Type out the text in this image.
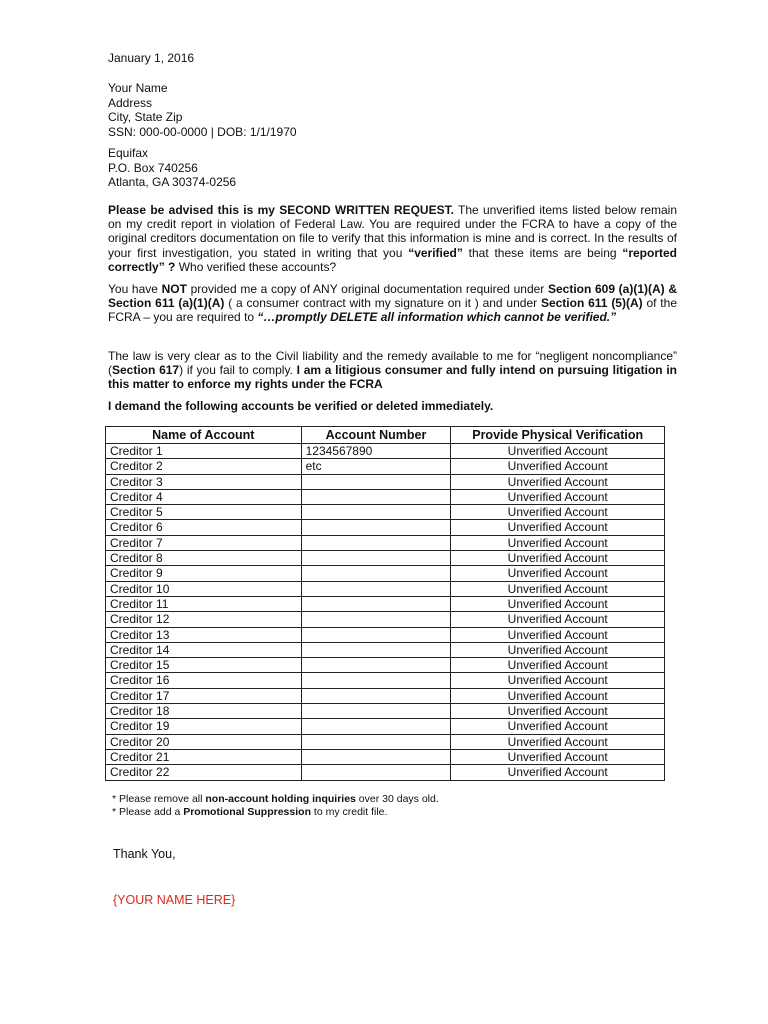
January 1, 2016
Your Name
Address
City, State Zip
SSN: 000-00-0000 | DOB: 1/1/1970
Equifax
P.O. Box 740256
Atlanta, GA 30374-0256
Please be advised this is my SECOND WRITTEN REQUEST. The unverified items listed below remain on my credit report in violation of Federal Law. You are required under the FCRA to have a copy of the original creditors documentation on file to verify that this information is mine and is correct. In the results of your first investigation, you stated in writing that you “verified” that these items are being “reported correctly” ? Who verified these accounts?
You have NOT provided me a copy of ANY original documentation required under Section 609 (a)(1)(A) & Section 611 (a)(1)(A) ( a consumer contract with my signature on it ) and under Section 611 (5)(A) of the FCRA – you are required to “…promptly DELETE all information which cannot be verified.”
The law is very clear as to the Civil liability and the remedy available to me for “negligent noncompliance” (Section 617) if you fail to comply. I am a litigious consumer and fully intend on pursuing litigation in this matter to enforce my rights under the FCRA
I demand the following accounts be verified or deleted immediately.
Name of Account	Account Number	Provide Physical Verification
Creditor 1	1234567890	Unverified Account
Creditor 2	etc	Unverified Account
Creditor 3		Unverified Account
Creditor 4		Unverified Account
Creditor 5		Unverified Account
Creditor 6		Unverified Account
Creditor 7		Unverified Account
Creditor 8		Unverified Account
Creditor 9		Unverified Account
Creditor 10		Unverified Account
Creditor 11		Unverified Account
Creditor 12		Unverified Account
Creditor 13		Unverified Account
Creditor 14		Unverified Account
Creditor 15		Unverified Account
Creditor 16		Unverified Account
Creditor 17		Unverified Account
Creditor 18		Unverified Account
Creditor 19		Unverified Account
Creditor 20		Unverified Account
Creditor 21		Unverified Account
Creditor 22		Unverified Account
* Please remove all non-account holding inquiries over 30 days old.
* Please add a Promotional Suppression to my credit file.
Thank You,
{YOUR NAME HERE}
